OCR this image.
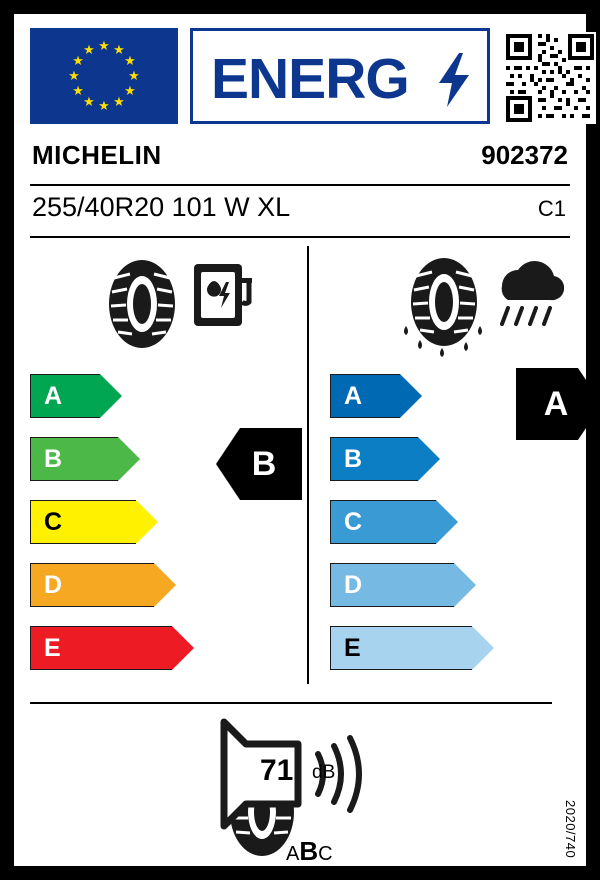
★ ★
★
★
★
★
★
★
★
★
★
★ ENERG
MICHELIN	902372
255/40R20 101 W XL	C1
A
B
C
D
E
B
A
B
C
D
E
A
71 dB
ABC	2020/740
